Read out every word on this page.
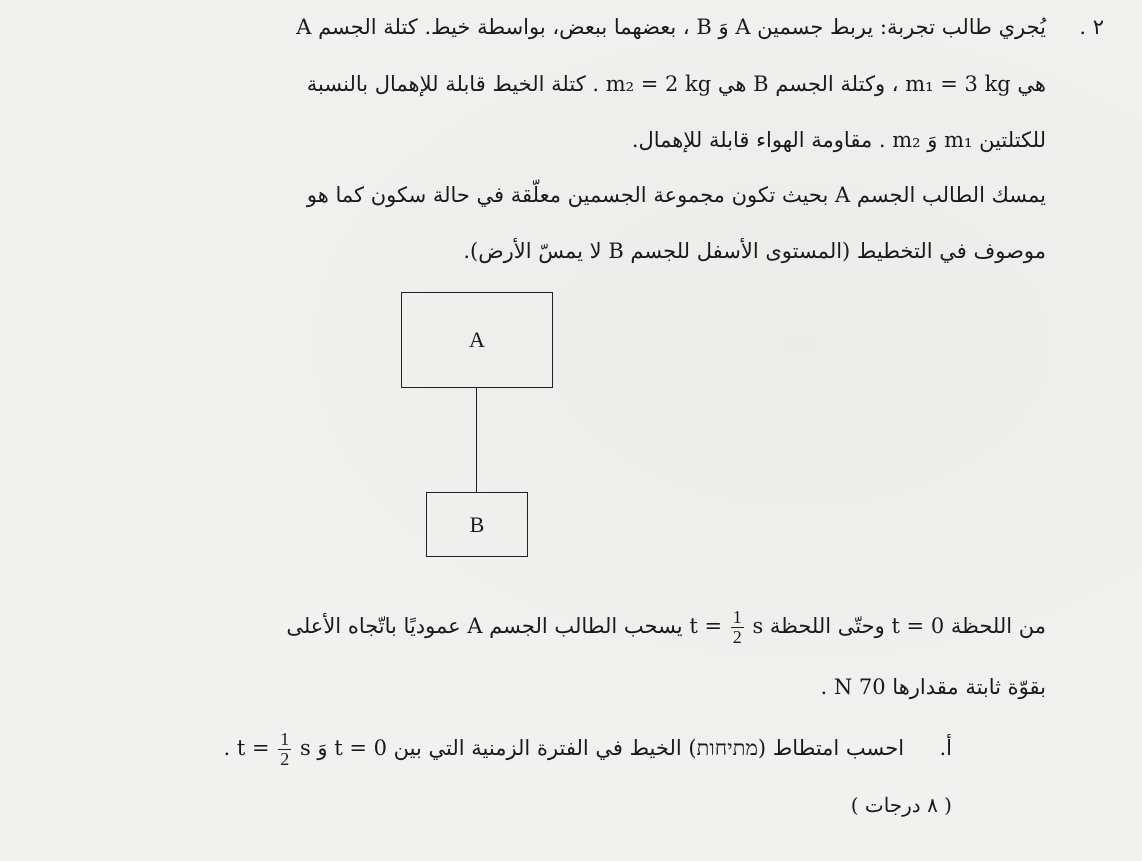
٢ .
يُجري طالب تجربة: يربط جسمين A وَ B ، بعضهما ببعض، بواسطة خيط. كتلة الجسم A
هي m₁ = 3 kg ، وكتلة الجسم B هي m₂ = 2 kg . كتلة الخيط قابلة للإهمال بالنسبة
للكتلتين m₁ وَ m₂ . مقاومة الهواء قابلة للإهمال.
يمسك الطالب الجسم A بحيث تكون مجموعة الجسمين معلّقة في حالة سكون كما هو
موصوف في التخطيط (المستوى الأسفل للجسم B لا يمسّ الأرض).
A
B
من اللحظة t = 0 وحتّى اللحظة t =
$\frac{1}{2}$
s يسحب الطالب الجسم A عموديًا باتّجاه الأعلى
بقوّة ثابتة مقدارها 70 N .
أ.  احسب امتطاط (מתיחות) الخيط في الفترة الزمنية التي بين t = 0 وَ t =
$\frac{1}{2}$
s .
( ٨ درجات )
